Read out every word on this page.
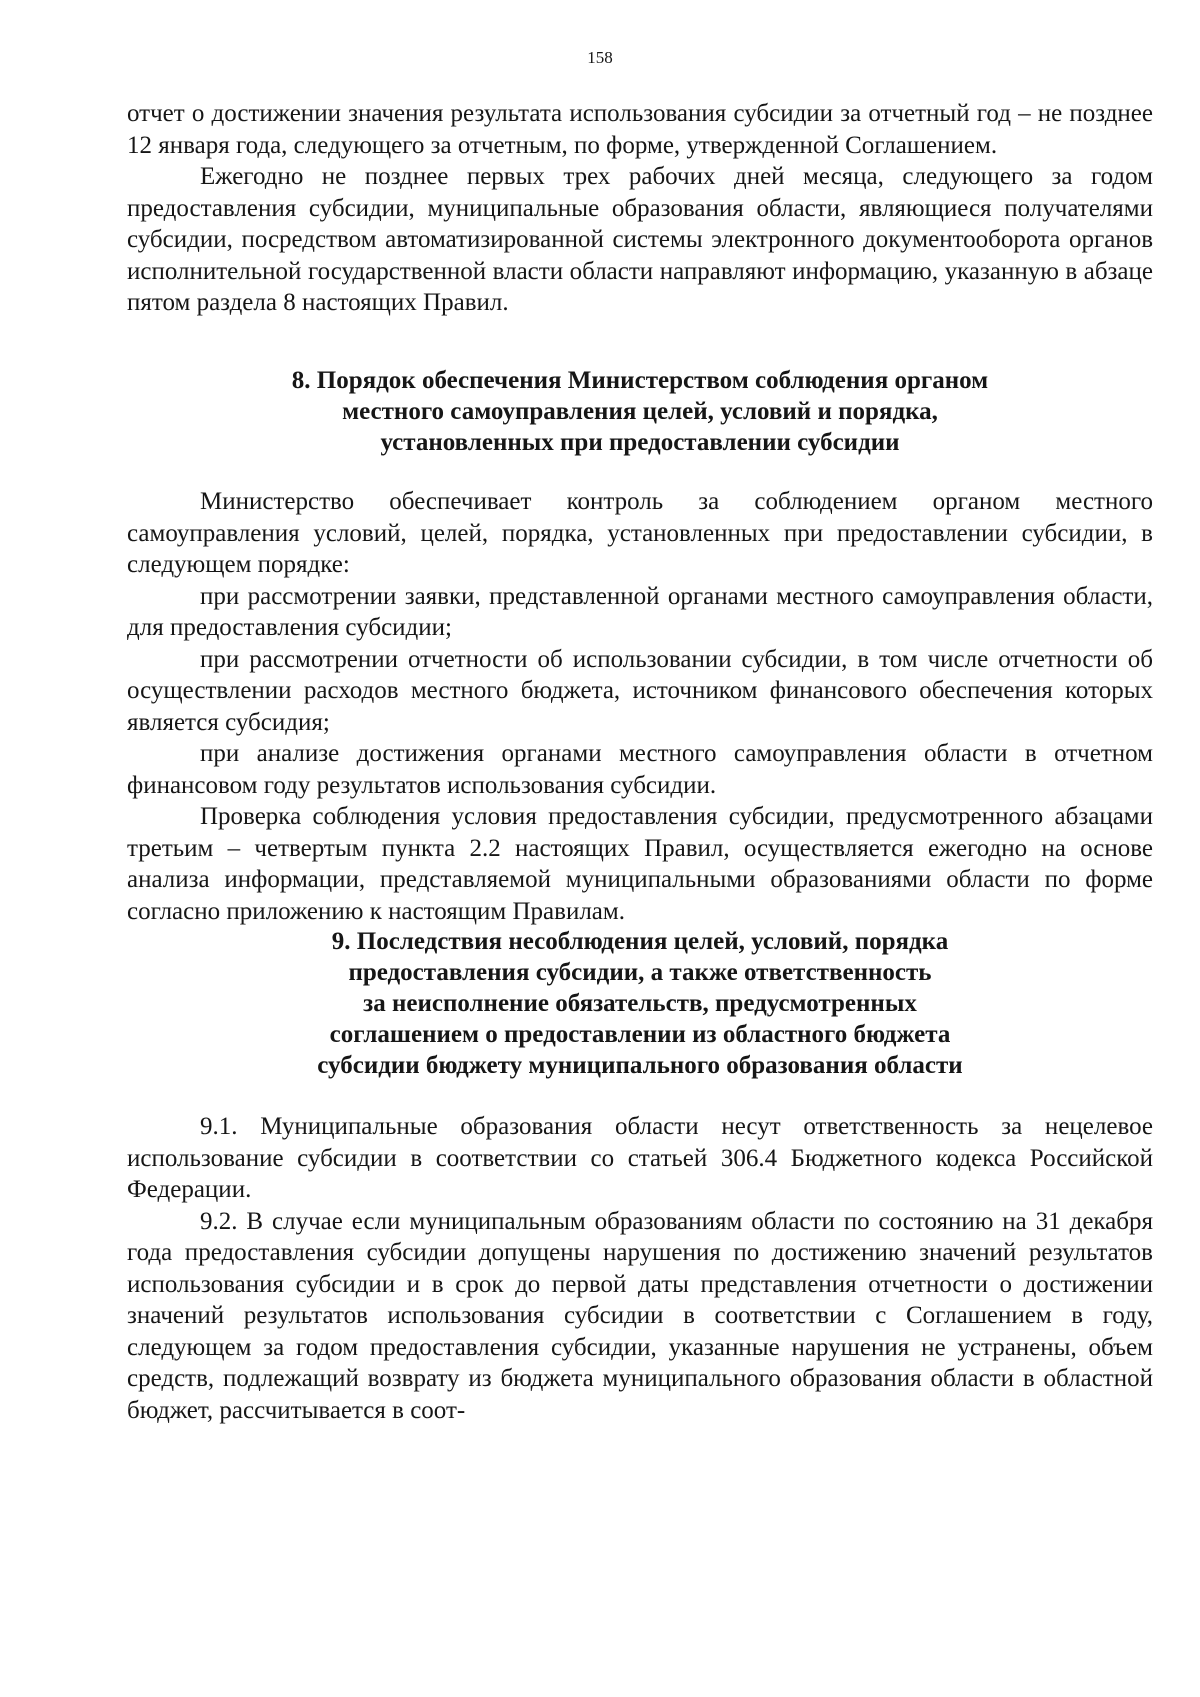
158

отчет о достижении значения результата использования субсидии за отчетный год – не позднее 12 января года, следующего за отчетным, по форме, утвержденной Соглашением.

Ежегодно не позднее первых трех рабочих дней месяца, следующего за годом предоставления субсидии, муниципальные образования области, являющиеся получателями субсидии, посредством автоматизированной системы электронного документооборота органов исполнительной государственной власти области направляют информацию, указанную в абзаце пятом раздела 8 настоящих Правил.

8. Порядок обеспечения Министерством соблюдения органом
местного самоуправления целей, условий и порядка,
установленных при предоставлении субсидии

Министерство обеспечивает контроль за соблюдением органом местного самоуправления условий, целей, порядка, установленных при предоставлении субсидии, в следующем порядке:

при рассмотрении заявки, представленной органами местного самоуправления области, для предоставления субсидии;

при рассмотрении отчетности об использовании субсидии, в том числе отчетности об осуществлении расходов местного бюджета, источником финансового обеспечения которых является субсидия;

при анализе достижения органами местного самоуправления области в отчетном финансовом году результатов использования субсидии.

Проверка соблюдения условия предоставления субсидии, предусмотренного абзацами третьим – четвертым пункта 2.2 настоящих Правил, осуществляется ежегодно на основе анализа информации, представляемой муниципальными образованиями области по форме согласно приложению к настоящим Правилам.

9. Последствия несоблюдения целей, условий, порядка
предоставления субсидии, а также ответственность
за неисполнение обязательств, предусмотренных
соглашением о предоставлении из областного бюджета
субсидии бюджету муниципального образования области

9.1. Муниципальные образования области несут ответственность за нецелевое использование субсидии в соответствии со статьей 306.4 Бюджетного кодекса Российской Федерации.

9.2. В случае если муниципальным образованиям области по состоянию на 31 декабря года предоставления субсидии допущены нарушения по достижению значений результатов использования субсидии и в срок до первой даты представления отчетности о достижении значений результатов использования субсидии в соответствии с Соглашением в году, следующем за годом предоставления субсидии, указанные нарушения не устранены, объем средств, подлежащий возврату из бюджета муниципального образования области в областной бюджет, рассчитывается в соот-
